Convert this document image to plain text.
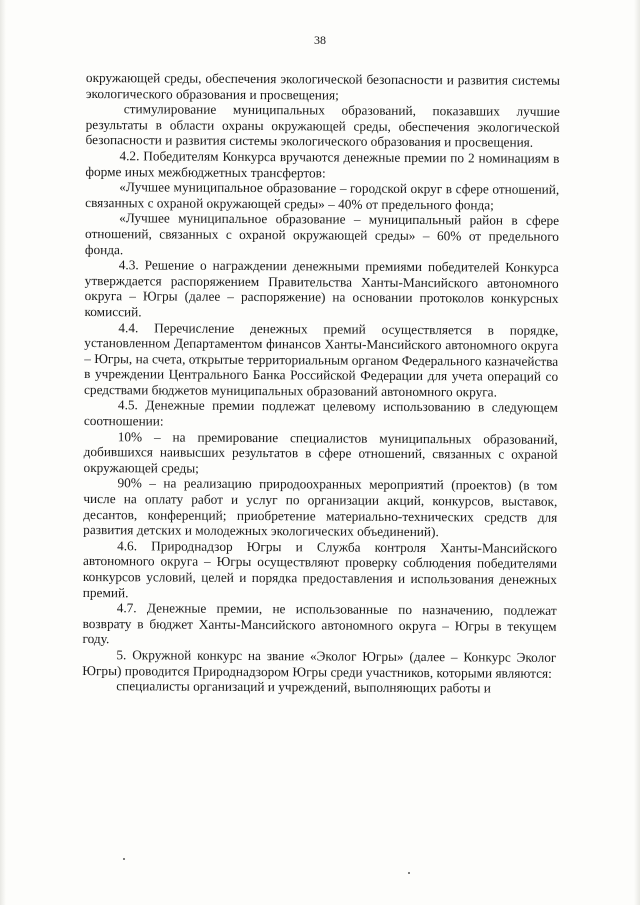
38

окружающей среды, обеспечения экологической безопасности и развития системы экологического образования и просвещения;

стимулирование муниципальных образований, показавших лучшие результаты в области охраны окружающей среды, обеспечения экологической безопасности и развития системы экологического образования и просвещения.

4.2. Победителям Конкурса вручаются денежные премии по 2 номинациям в форме иных межбюджетных трансфертов:

«Лучшее муниципальное образование – городской округ в сфере отношений, связанных с охраной окружающей среды» – 40% от предельного фонда;

«Лучшее муниципальное образование – муниципальный район в сфере отношений, связанных с охраной окружающей среды» – 60% от предельного фонда.

4.3. Решение о награждении денежными премиями победителей Конкурса утверждается распоряжением Правительства Ханты-Мансийского автономного округа – Югры (далее – распоряжение) на основании протоколов конкурсных комиссий.

4.4. Перечисление денежных премий осуществляется в порядке, установленном Департаментом финансов Ханты-Мансийского автономного округа – Югры, на счета, открытые территориальным органом Федерального казначейства в учреждении Центрального Банка Российской Федерации для учета операций со средствами бюджетов муниципальных образований автономного округа.

4.5. Денежные премии подлежат целевому использованию в следующем соотношении:

10% – на премирование специалистов муниципальных образований, добившихся наивысших результатов в сфере отношений, связанных с охраной окружающей среды;

90% – на реализацию природоохранных мероприятий (проектов) (в том числе на оплату работ и услуг по организации акций, конкурсов, выставок, десантов, конференций; приобретение материально-технических средств для развития детских и молодежных экологических объединений).

4.6. Природнадзор Югры и Служба контроля Ханты-Мансийского автономного округа – Югры осуществляют проверку соблюдения победителями конкурсов условий, целей и порядка предоставления и использования денежных премий.

4.7. Денежные премии, не использованные по назначению, подлежат возврату в бюджет Ханты-Мансийского автономного округа – Югры в текущем году.

5. Окружной конкурс на звание «Эколог Югры» (далее – Конкурс Эколог Югры) проводится Природнадзором Югры среди участников, которыми являются:

специалисты организаций и учреждений, выполняющих работы и
